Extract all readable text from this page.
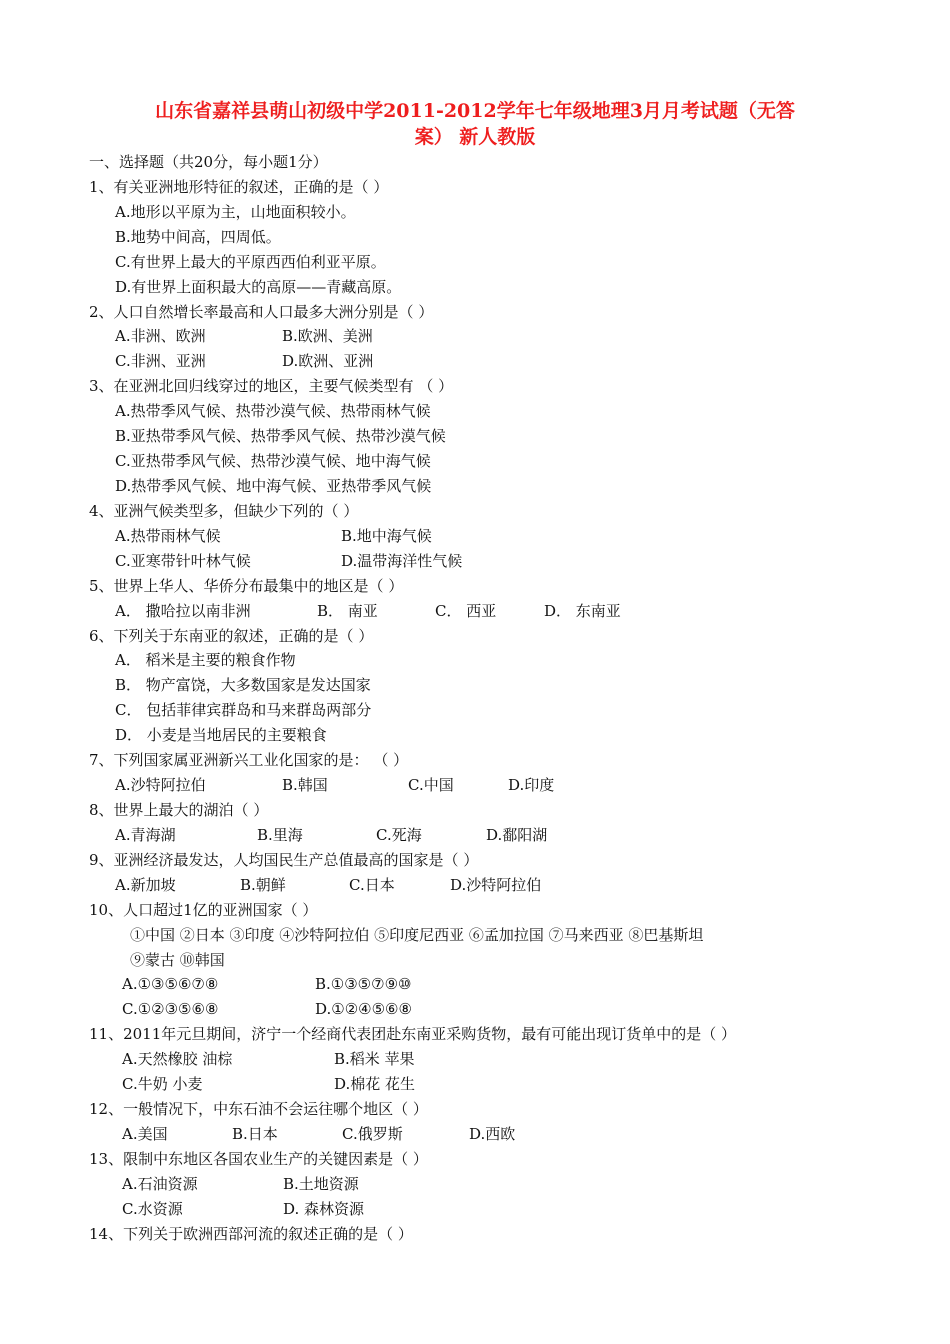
山东省嘉祥县萌山初级中学2011-2012学年七年级地理3月月考试题（无答
案） 新人教版
一、选择题（共20分，每小题1分）
1、有关亚洲地形特征的叙述，正确的是（ ）
A.地形以平原为主，山地面积较小。
B.地势中间高，四周低。
C.有世界上最大的平原西西伯利亚平原。
D.有世界上面积最大的高原——青藏高原。
2、人口自然增长率最高和人口最多大洲分别是（ ）
A.非洲、欧洲	B.欧洲、美洲
C.非洲、亚洲	D.欧洲、亚洲
3、在亚洲北回归线穿过的地区，主要气候类型有 （ ）
A.热带季风气候、热带沙漠气候、热带雨林气候
B.亚热带季风气候、热带季风气候、热带沙漠气候
C.亚热带季风气候、热带沙漠气候、地中海气候
D.热带季风气候、地中海气候、亚热带季风气候
4、亚洲气候类型多，但缺少下列的（ ）
A.热带雨林气候	B.地中海气候
C.亚寒带针叶林气候	D.温带海洋性气候
5、世界上华人、华侨分布最集中的地区是（ ）
A． 撒哈拉以南非洲	B． 南亚	C． 西亚	D． 东南亚
6、下列关于东南亚的叙述，正确的是（ ）
A． 稻米是主要的粮食作物
B． 物产富饶，大多数国家是发达国家
C． 包括菲律宾群岛和马来群岛两部分
D． 小麦是当地居民的主要粮食
7、下列国家属亚洲新兴工业化国家的是： （ ）
A.沙特阿拉伯	B.韩国	C.中国	D.印度
8、世界上最大的湖泊（ ）
A.青海湖	B.里海	C.死海	D.鄱阳湖
9、亚洲经济最发达，人均国民生产总值最高的国家是（ ）
A.新加坡	B.朝鲜	C.日本	D.沙特阿拉伯
10、人口超过1亿的亚洲国家（ ）
①中国 ②日本 ③印度 ④沙特阿拉伯 ⑤印度尼西亚 ⑥孟加拉国 ⑦马来西亚 ⑧巴基斯坦
⑨蒙古 ⑩韩国
A.①③⑤⑥⑦⑧	B.①③⑤⑦⑨⑩
C.①②③⑤⑥⑧	D.①②④⑤⑥⑧
11、2011年元旦期间，济宁一个经商代表团赴东南亚采购货物，最有可能出现订货单中的是（ ）
A.天然橡胶 油棕	B.稻米 苹果
C.牛奶 小麦	D.棉花 花生
12、一般情况下，中东石油不会运往哪个地区（ ）
A.美国	B.日本	C.俄罗斯	D.西欧
13、限制中东地区各国农业生产的关键因素是（ ）
A.石油资源	B.土地资源
C.水资源	D. 森林资源
14、下列关于欧洲西部河流的叙述正确的是（ ）
